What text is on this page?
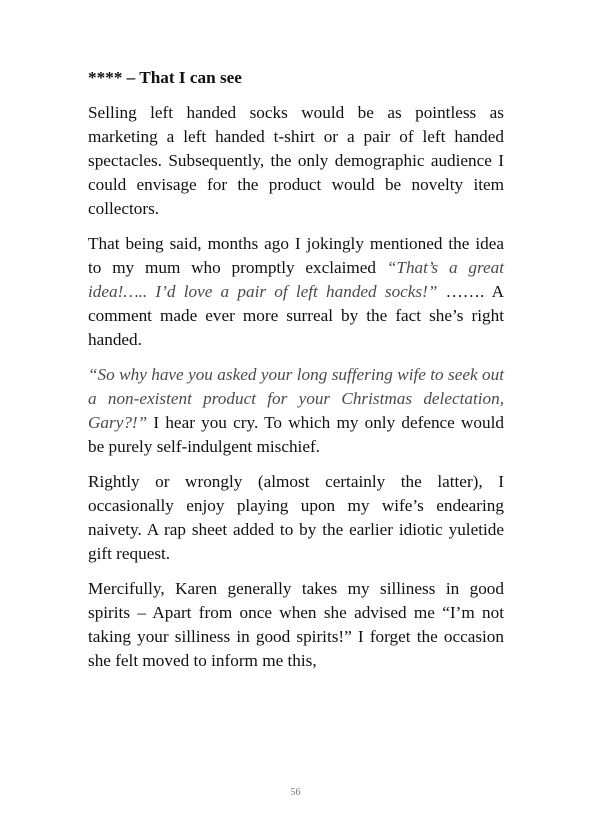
**** – That I can see

Selling left handed socks would be as pointless as marketing a left handed t-shirt or a pair of left handed spectacles. Subsequently, the only demographic audience I could envisage for the product would be novelty item collectors.

That being said, months ago I jokingly mentioned the idea to my mum who promptly exclaimed “That’s a great idea!….. I’d love a pair of left handed socks!” ……. A comment made ever more surreal by the fact she’s right handed.

“So why have you asked your long suffering wife to seek out a non-existent product for your Christmas delectation, Gary?!” I hear you cry. To which my only defence would be purely self-indulgent mischief.

Rightly or wrongly (almost certainly the latter), I occasionally enjoy playing upon my wife’s endearing naivety. A rap sheet added to by the earlier idiotic yuletide gift request.

Mercifully, Karen generally takes my silliness in good spirits – Apart from once when she advised me “I’m not taking your silliness in good spirits!” I forget the occasion she felt moved to inform me this,

56
